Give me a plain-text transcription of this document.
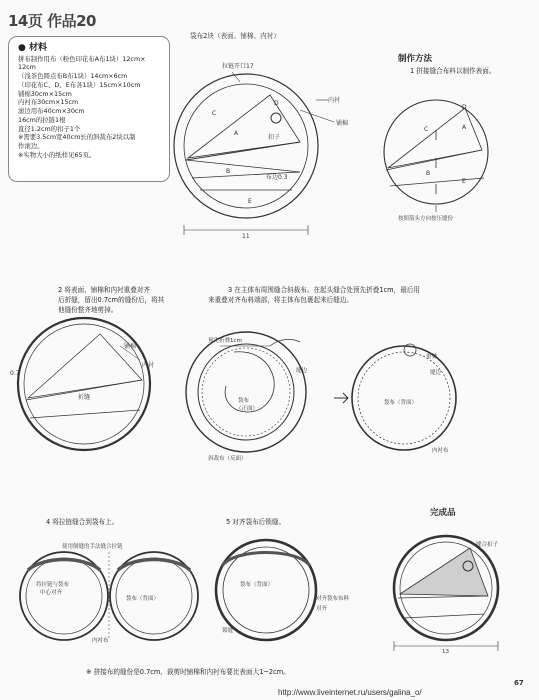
14页 作品20
● 材料
拼布制作用布（粉色印花布A布1块）12cm×
12cm
（浅茶色圆点布B布1块）14cm×6cm
（印花布C、D、E布各1块）15cm×10cm
铺棉30cm×15cm
内衬布30cm×15cm
滚边用布40cm×30cm
16cm的拉链1根
直径1.2cm的扣子1个
※需要3.5cm宽40cm长的斜裁布2块以制
作滚边。
※实物大小的纸样见65页。
袋布2块（表面、铺棉、内衬）
拉链开口17
内衬
铺棉
扣子
布边0.3
11
A
B
C
D
E
制作方法
1 拼接缝合布料以制作表面。
A
B
C
D
E
按照箭头方向按压缝份
2 将表面、铺棉和内衬重叠对齐
后折缝，留出0.7cm的缝份后，将其
他缝份整齐地剪掉。
铺棉
内衬
0.7
折缝
3 在主体布周围缝合斜裁布。在起头缝合处预先折叠1cm，最后用
来重叠对齐布料端部，将主体布包裹起来后缝边。
预先折叠1cm
缝边
袋布
（正面）
斜裁布（反面）
重叠
缝边
袋布（背面）
内衬布
4 将拉链缝合到袋布上。
使用倒缝的手法缝合拉链
将拉链与袋布
中心对齐
袋布（背面）
内衬布
5 对齐袋布后锁缝。
袋布（背面）
对齐袋布布料
对齐
锁缝
完成品
缝合扣子
13
※ 拼接布的缝份是0.7cm，裁剪时铺棉和内衬布要比表面大1~2cm。
67
http://www.liveinternet.ru/users/galina_o/
